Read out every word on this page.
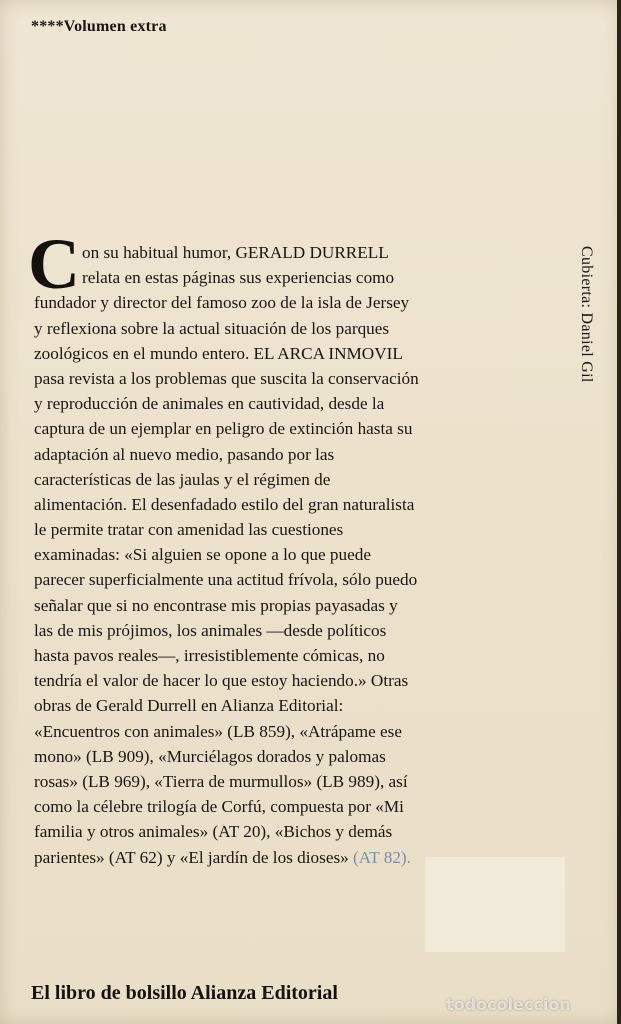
****Volumen extra
C on su habitual humor, GERALD DURRELL
relata en estas páginas sus experiencias como
fundador y director del famoso zoo de la isla de Jersey
y reflexiona sobre la actual situación de los parques
zoológicos en el mundo entero. EL ARCA INMOVIL
pasa revista a los problemas que suscita la conservación
y reproducción de animales en cautividad, desde la
captura de un ejemplar en peligro de extinción hasta su
adaptación al nuevo medio, pasando por las
características de las jaulas y el régimen de
alimentación. El desenfadado estilo del gran naturalista
le permite tratar con amenidad las cuestiones
examinadas: «Si alguien se opone a lo que puede
parecer superficialmente una actitud frívola, sólo puedo
señalar que si no encontrase mis propias payasadas y
las de mis prójimos, los animales —desde políticos
hasta pavos reales—, irresistiblemente cómicas, no
tendría el valor de hacer lo que estoy haciendo.» Otras
obras de Gerald Durrell en Alianza Editorial:
«Encuentros con animales» (LB 859), «Atrápame ese
mono» (LB 909), «Murciélagos dorados y palomas
rosas» (LB 969), «Tierra de murmullos» (LB 989), así
como la célebre trilogía de Corfú, compuesta por «Mi
familia y otros animales» (AT 20), «Bichos y demás
parientes» (AT 62) y «El jardín de los dioses» (AT 82).
Cubierta: Daniel Gil
El libro de bolsillo Alianza Editorial
todocoleccion
